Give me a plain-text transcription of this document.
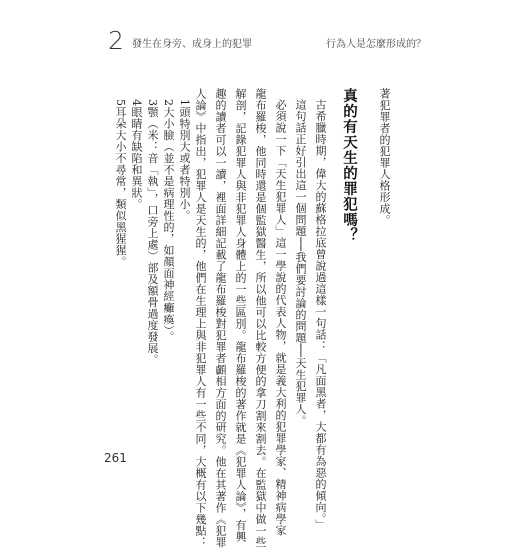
2 發生在身旁、成身上的犯罪	行為人是怎麼形成的？
著犯罪者的犯罪人格形成。
真的有天生的罪犯嗎？
古希臘時期，偉大的蘇格拉底曾說過這樣一句話：「凡面黑者，大都有為惡的傾向。」
這句話正好引出這一個問題──我們要討論的問題──天生犯罪人。
必須說一下「天生犯罪人」這一學說的代表人物，就是義大利的犯罪學家、精神病學家
龍布羅梭，他同時還是個監獄醫生，所以他可以比較方便的拿刀割來割去。在監獄中做一些
解剖，記錄犯罪人與非犯罪人身體上的一些區別。龍布羅梭的著作就是《犯罪人論》，有興
趣的讀者可以一讀，裡面詳細記載了龍布羅梭對犯罪者顱相方面的研究。他在其著作《犯罪
人論》中指出，犯罪人是天生的，他們在生理上與非犯罪人有一些不同，大概有以下幾點：
1頭特別大或者特別小。
2大小臉（並不是病理性的，如顏面神經癱瘓）。
3顎（米：音「執」，口旁上處）部及額骨過度發展。
4眼睛有缺陷和異狀。
5耳朵大小不尋常，類似黑猩猩。
261
